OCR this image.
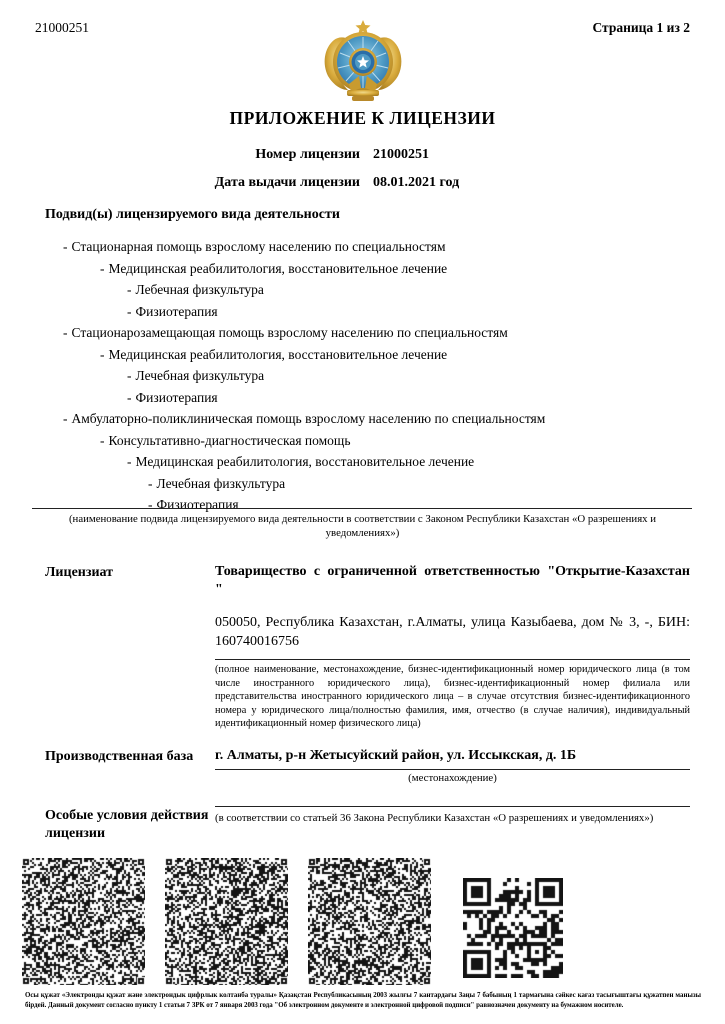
21000251	Страница 1 из 2
ПРИЛОЖЕНИЕ К ЛИЦЕНЗИИ
Номер лицензии 21000251
Дата выдачи лицензии 08.01.2021 год
Подвид(ы) лицензируемого вида деятельности
- Стационарная помощь взрослому населению по специальностям
- Медицинская реабилитология, восстановительное лечение
- Лебечная физкультура
- Физиотерапия
- Стационарозамещающая помощь взрослому населению по специальностям
- Медицинская реабилитология, восстановительное лечение
- Лечебная физкультура
- Физиотерапия
- Амбулаторно-поликлиническая помощь взрослому населению по специальностям
- Консультативно-диагностическая помощь
- Медицинская реабилитология, восстановительное лечение
- Лечебная физкультура
- Физиотерапия
(наименование подвида лицензируемого вида деятельности в соответствии с Законом Республики Казахстан «О разрешениях и уведомлениях»)
Лицензиат	Товарищество с ограниченной ответственностью "Открытие-Казахстан
"
050050, Республика Казахстан, г.Алматы, улица Казыбаева, дом № 3, -, БИН: 160740016756
(полное наименование, местонахождение, бизнес-идентификационный номер юридического лица (в том числе иностранного юридического лица), бизнес-идентификационный номер филиала или представительства иностранного юридического лица – в случае отсутствия бизнес-идентификационного номера у юридического лица/полностью фамилия, имя, отчество (в случае наличия), индивидуальный идентификационный номер физического лица)
Производственная база	г. Алматы, р-н Жетысуйский район, ул. Иссыкская, д. 1Б
(местонахождение)
Особые условия действия лицензии
(в соответствии со статьей 36 Закона Республики Казахстан «О разрешениях и уведомлениях»)
Осы құжат «Электронды құжат және электрондык цифрлык колтанба туралы» Қазақстан Республикасының 2003 жылғы 7 кантардағы Заңы 7 бабының 1 тармағына сәйкес кағаз тасығыштағы құжатпен манызы бірдей. Данный документ согласно пункту 1 статьи 7 ЗРК от 7 января 2003 года "Об электронном документе и электронной цифровой подписи" равнозначен документу на бумажном носителе.
